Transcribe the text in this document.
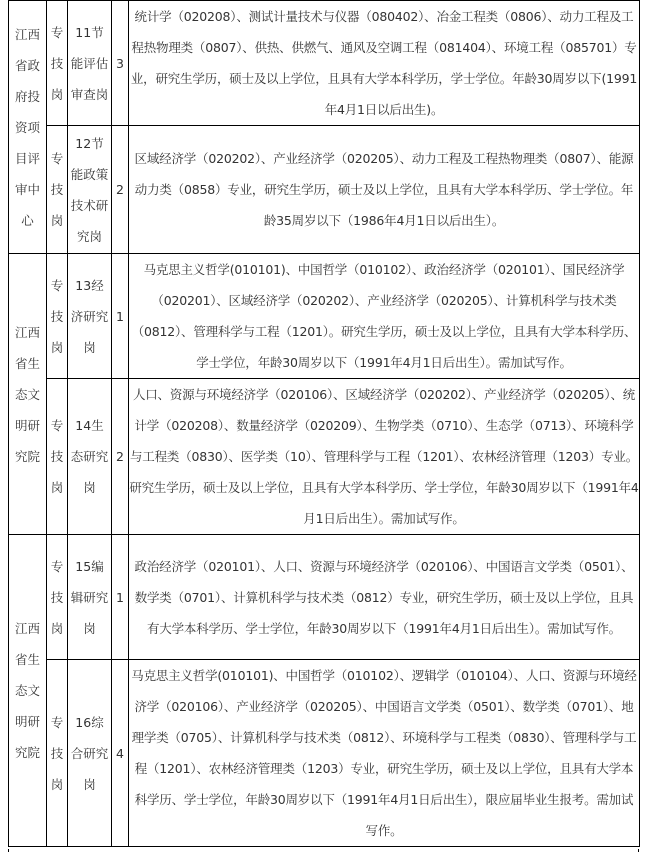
江西省政府投资项目评审中心	专技岗	11节能评估审查岗	3	统计学（020208）、测试计量技术与仪器（080402）、冶金工程类（0806）、动力工程及工程热物理类（0807）、供热、供燃气、通风及空调工程（081404）、环境工程（085701）专业，研究生学历，硕士及以上学位，且具有大学本科学历，学士学位。年龄30周岁以下(1991年4月1日以后出生)。

	专技岗	12节能政策技术研究岗	2	区域经济学（020202）、产业经济学（020205）、动力工程及工程热物理类（0807）、能源动力类（0858）专业，研究生学历，硕士及以上学位，且具有大学本科学历、学士学位。年龄35周岁以下（1986年4月1日以后出生）。

江西省生态文明研究院	专技岗	13经济研究岗	1	马克思主义哲学(010101)、中国哲学（010102）、政治经济学（020101）、国民经济学（020201）、区域经济学（020202）、产业经济学（020205）、计算机科学与技术类（0812）、管理科学与工程（1201）。研究生学历，硕士及以上学位，且具有大学本科学历、学士学位，年龄30周岁以下（1991年4月1日后出生）。需加试写作。

	专技岗	14生态研究岗	2	人口、资源与环境经济学（020106）、区域经济学（020202）、产业经济学（020205）、统计学（020208）、数量经济学（020209）、生物学类（0710）、生态学（0713）、环境科学与工程类（0830）、医学类（10）、管理科学与工程（1201）、农林经济管理（1203）专业。研究生学历，硕士及以上学位，且具有大学本科学历、学士学位，年龄30周岁以下（1991年4月1日后出生）。需加试写作。

江西省生态文明研究院	专技岗	15编辑研究岗	1	政治经济学（020101）、人口、资源与环境经济学（020106）、中国语言文学类（0501）、数学类（0701）、计算机科学与技术类（0812）专业，研究生学历，硕士及以上学位，且具有大学本科学历、学士学位，年龄30周岁以下（1991年4月1日后出生）。需加试写作。

	专技岗	16综合研究岗	4	马克思主义哲学(010101)、中国哲学（010102）、逻辑学（010104）、人口、资源与环境经济学（020106）、产业经济学（020205）、中国语言文学类（0501）、数学类（0701）、地理学类（0705）、计算机科学与技术类（0812）、环境科学与工程类（0830）、管理科学与工程（1201）、农林经济管理类（1203）专业，研究生学历，硕士及以上学位，且具有大学本科学历、学士学位，年龄30周岁以下（1991年4月1日后出生），限应届毕业生报考。需加试写作。
